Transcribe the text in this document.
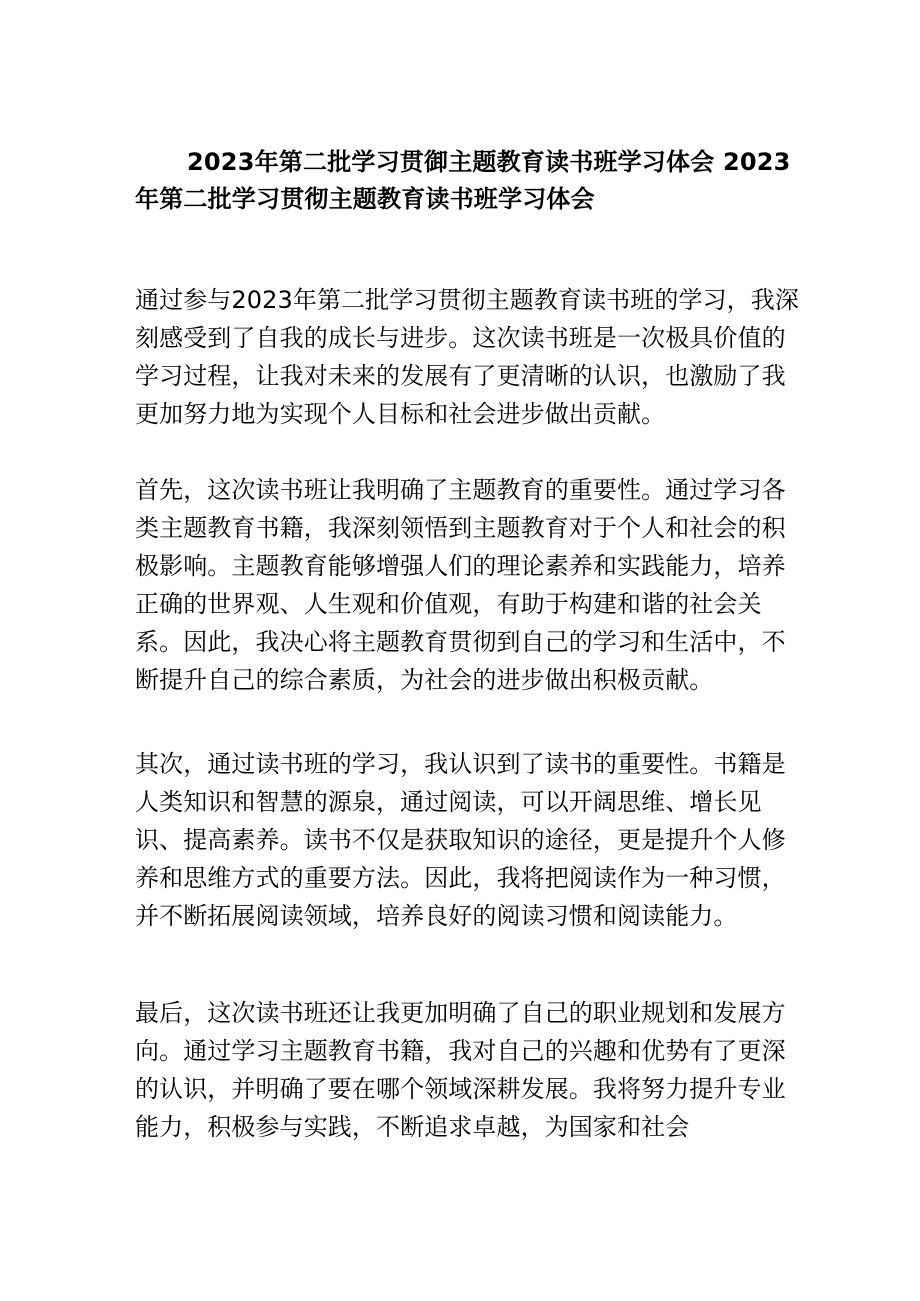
2023年第二批学习贯御主题教育读书班学习体会 2023年第二批学习贯彻主题教育读书班学习体会

通过参与2023年第二批学习贯彻主题教育读书班的学习，我深刻感受到了自我的成长与进步。这次读书班是一次极具价值的学习过程，让我对未来的发展有了更清晰的认识，也激励了我更加努力地为实现个人目标和社会进步做出贡献。

首先，这次读书班让我明确了主题教育的重要性。通过学习各类主题教育书籍，我深刻领悟到主题教育对于个人和社会的积极影响。主题教育能够增强人们的理论素养和实践能力，培养正确的世界观、人生观和价值观，有助于构建和谐的社会关系。因此，我决心将主题教育贯彻到自己的学习和生活中，不断提升自己的综合素质，为社会的进步做出积极贡献。

其次，通过读书班的学习，我认识到了读书的重要性。书籍是人类知识和智慧的源泉，通过阅读，可以开阔思维、增长见识、提高素养。读书不仅是获取知识的途径，更是提升个人修养和思维方式的重要方法。因此，我将把阅读作为一种习惯，并不断拓展阅读领域，培养良好的阅读习惯和阅读能力。

最后，这次读书班还让我更加明确了自己的职业规划和发展方向。通过学习主题教育书籍，我对自己的兴趣和优势有了更深的认识，并明确了要在哪个领域深耕发展。我将努力提升专业能力，积极参与实践，不断追求卓越，为国家和社会
